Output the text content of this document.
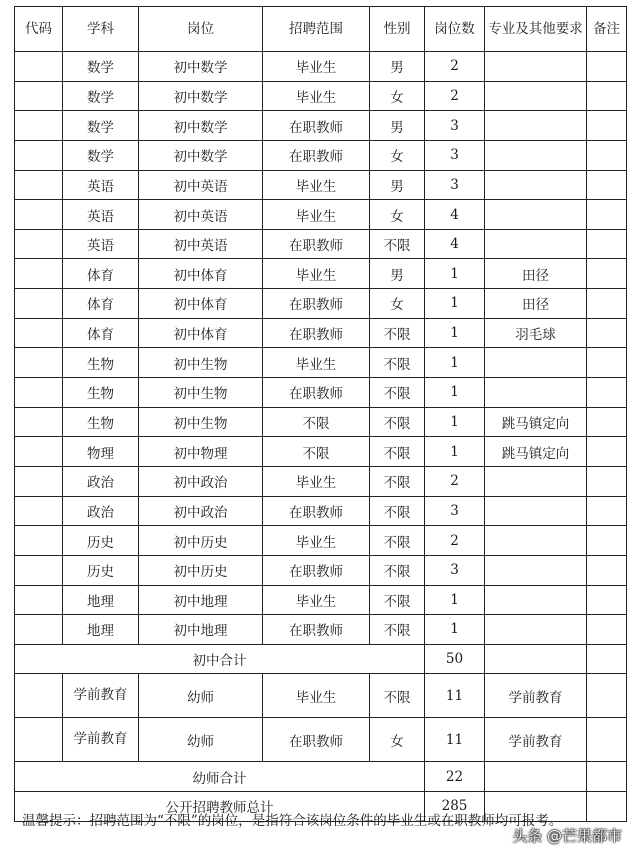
代码	学科	岗位	招聘范围	性别	岗位数	专业及其他要求	备注
	数学	初中数学	毕业生	男	2		
	数学	初中数学	毕业生	女	2		
	数学	初中数学	在职教师	男	3		
	数学	初中数学	在职教师	女	3		
	英语	初中英语	毕业生	男	3		
	英语	初中英语	毕业生	女	4		
	英语	初中英语	在职教师	不限	4		
	体育	初中体育	毕业生	男	1	田径	
	体育	初中体育	在职教师	女	1	田径	
	体育	初中体育	在职教师	不限	1	羽毛球	
	生物	初中生物	毕业生	不限	1		
	生物	初中生物	在职教师	不限	1		
	生物	初中生物	不限	不限	1	跳马镇定向	
	物理	初中物理	不限	不限	1	跳马镇定向	
	政治	初中政治	毕业生	不限	2		
	政治	初中政治	在职教师	不限	3		
	历史	初中历史	毕业生	不限	2		
	历史	初中历史	在职教师	不限	3		
	地理	初中地理	毕业生	不限	1		
	地理	初中地理	在职教师	不限	1		
初中合计					50		
	学前教育	幼师	毕业生	不限	11	学前教育	
	学前教育	幼师	在职教师	女	11	学前教育	
幼师合计					22		
公开招聘教师总计					285		
温馨提示：招聘范围为“不限”的岗位，是指符合该岗位条件的毕业生或在职教师均可报考。
头条 @芒果都市
